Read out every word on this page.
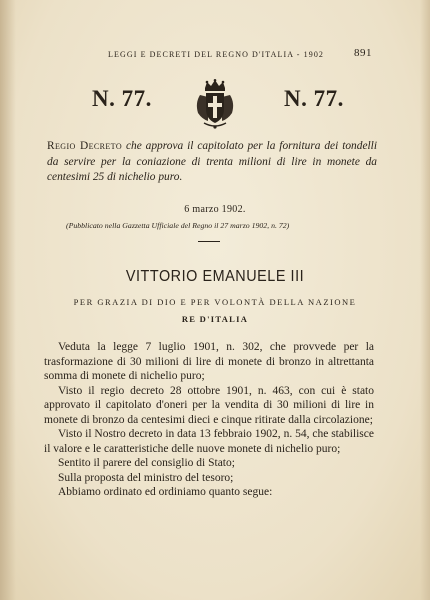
LEGGI E DECRETI DEL REGNO D'ITALIA - 1902	891
N. 77.	N. 77.
Regio Decreto che approva il capitolato per la fornitura dei tondelli da servire per la coniazione di trenta milioni di lire in monete da centesimi 25 di nichelio puro.
6 marzo 1902.
(Pubblicato nella Gazzetta Ufficiale del Regno il 27 marzo 1902, n. 72)
VITTORIO EMANUELE III
PER GRAZIA DI DIO E PER VOLONTÀ DELLA NAZIONE
RE D'ITALIA

Veduta la legge 7 luglio 1901, n. 302, che provvede per la trasformazione di 30 milioni di lire di monete di bronzo in altrettanta somma di monete di nichelio puro;

Visto il regio decreto 28 ottobre 1901, n. 463, con cui è stato approvato il capitolato d'oneri per la vendita di 30 milioni di lire in monete di bronzo da centesimi dieci e cinque ritirate dalla circolazione;

Visto il Nostro decreto in data 13 febbraio 1902, n. 54, che stabilisce il valore e le caratteristiche delle nuove monete di nichelio puro;

Sentito il parere del consiglio di Stato;

Sulla proposta del ministro del tesoro;

Abbiamo ordinato ed ordiniamo quanto segue:
